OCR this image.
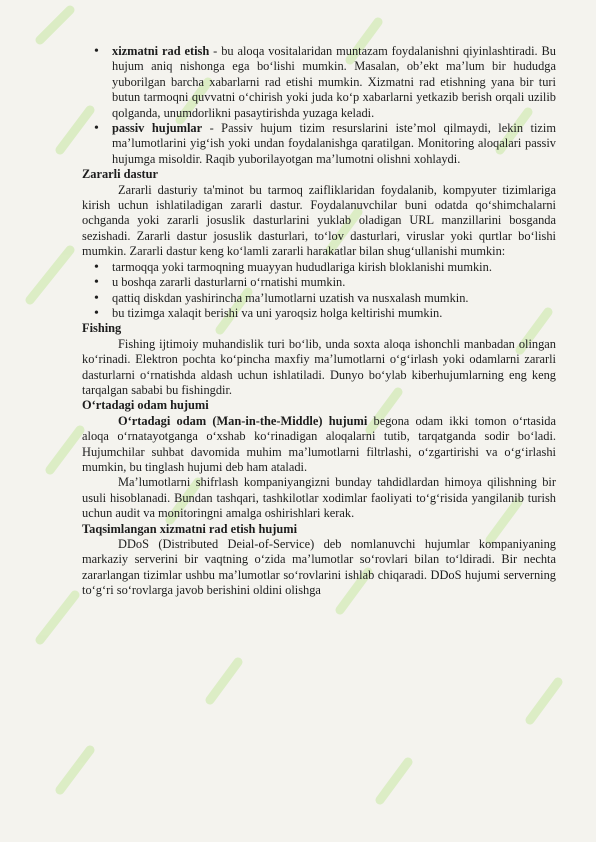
• xizmatni rad etish - bu aloqa vositalaridan muntazam foydalanishni qiyinlashtiradi. Bu hujum aniq nishonga ega bo‘lishi mumkin. Masalan, ob’ekt ma’lum bir hududga yuborilgan barcha xabarlarni rad etishi mumkin. Xizmatni rad etishning yana bir turi butun tarmoqni quvvatni o‘chirish yoki juda ko‘p xabarlarni yetkazib berish orqali uzilib qolganda, unumdorlikni pasaytirishda yuzaga keladi.

• passiv hujumlar - Passiv hujum tizim resurslarini iste’mol qilmaydi, lekin tizim ma’lumotlarini yig‘ish yoki undan foydalanishga qaratilgan. Monitoring aloqalari passiv hujumga misoldir. Raqib yuborilayotgan ma’lumotni olishni xohlaydi.

Zararli dastur

Zararli dasturiy ta'minot bu tarmoq zaifliklaridan foydalanib, kompyuter tizimlariga kirish uchun ishlatiladigan zararli dastur. Foydalanuvchilar buni odatda qo‘shimchalarni ochganda yoki zararli josuslik dasturlarini yuklab oladigan URL manzillarini bosganda sezishadi. Zararli dastur josuslik dasturlari, to‘lov dasturlari, viruslar yoki qurtlar bo‘lishi mumkin. Zararli dastur keng ko‘lamli zararli harakatlar bilan shug‘ullanishi mumkin:

• tarmoqqa yoki tarmoqning muayyan hududlariga kirish bloklanishi mumkin.

• u boshqa zararli dasturlarni o‘rnatishi mumkin.

• qattiq diskdan yashirincha ma’lumotlarni uzatish va nusxalash mumkin.

• bu tizimga xalaqit berishi va uni yaroqsiz holga keltirishi mumkin.

Fishing

Fishing ijtimoiy muhandislik turi bo‘lib, unda soxta aloqa ishonchli manbadan olingan ko‘rinadi. Elektron pochta ko‘pincha maxfiy ma’lumotlarni o‘g‘irlash yoki odamlarni zararli dasturlarni o‘rnatishda aldash uchun ishlatiladi. Dunyo bo‘ylab kiberhujumlarning eng keng tarqalgan sababi bu fishingdir.

O‘rtadagi odam hujumi

O‘rtadagi odam (Man-in-the-Middle) hujumi begona odam ikki tomon o‘rtasida aloqa o‘rnatayotganga o‘xshab ko‘rinadigan aloqalarni tutib, tarqatganda sodir bo‘ladi. Hujumchilar suhbat davomida muhim ma’lumotlarni filtrlashi, o‘zgartirishi va o‘g‘irlashi mumkin, bu tinglash hujumi deb ham ataladi.

Ma’lumotlarni shifrlash kompaniyangizni bunday tahdidlardan himoya qilishning bir usuli hisoblanadi. Bundan tashqari, tashkilotlar xodimlar faoliyati to‘g‘risida yangilanib turish uchun audit va monitoringni amalga oshirishlari kerak.

Taqsimlangan xizmatni rad etish hujumi

DDoS (Distributed Deial-of-Service) deb nomlanuvchi hujumlar kompaniyaning markaziy serverini bir vaqtning o‘zida ma’lumotlar so‘rovlari bilan to‘ldiradi. Bir nechta zararlangan tizimlar ushbu ma’lumotlar so‘rovlarini ishlab chiqaradi. DDoS hujumi serverning to‘g‘ri so‘rovlarga javob berishini oldini olishga
